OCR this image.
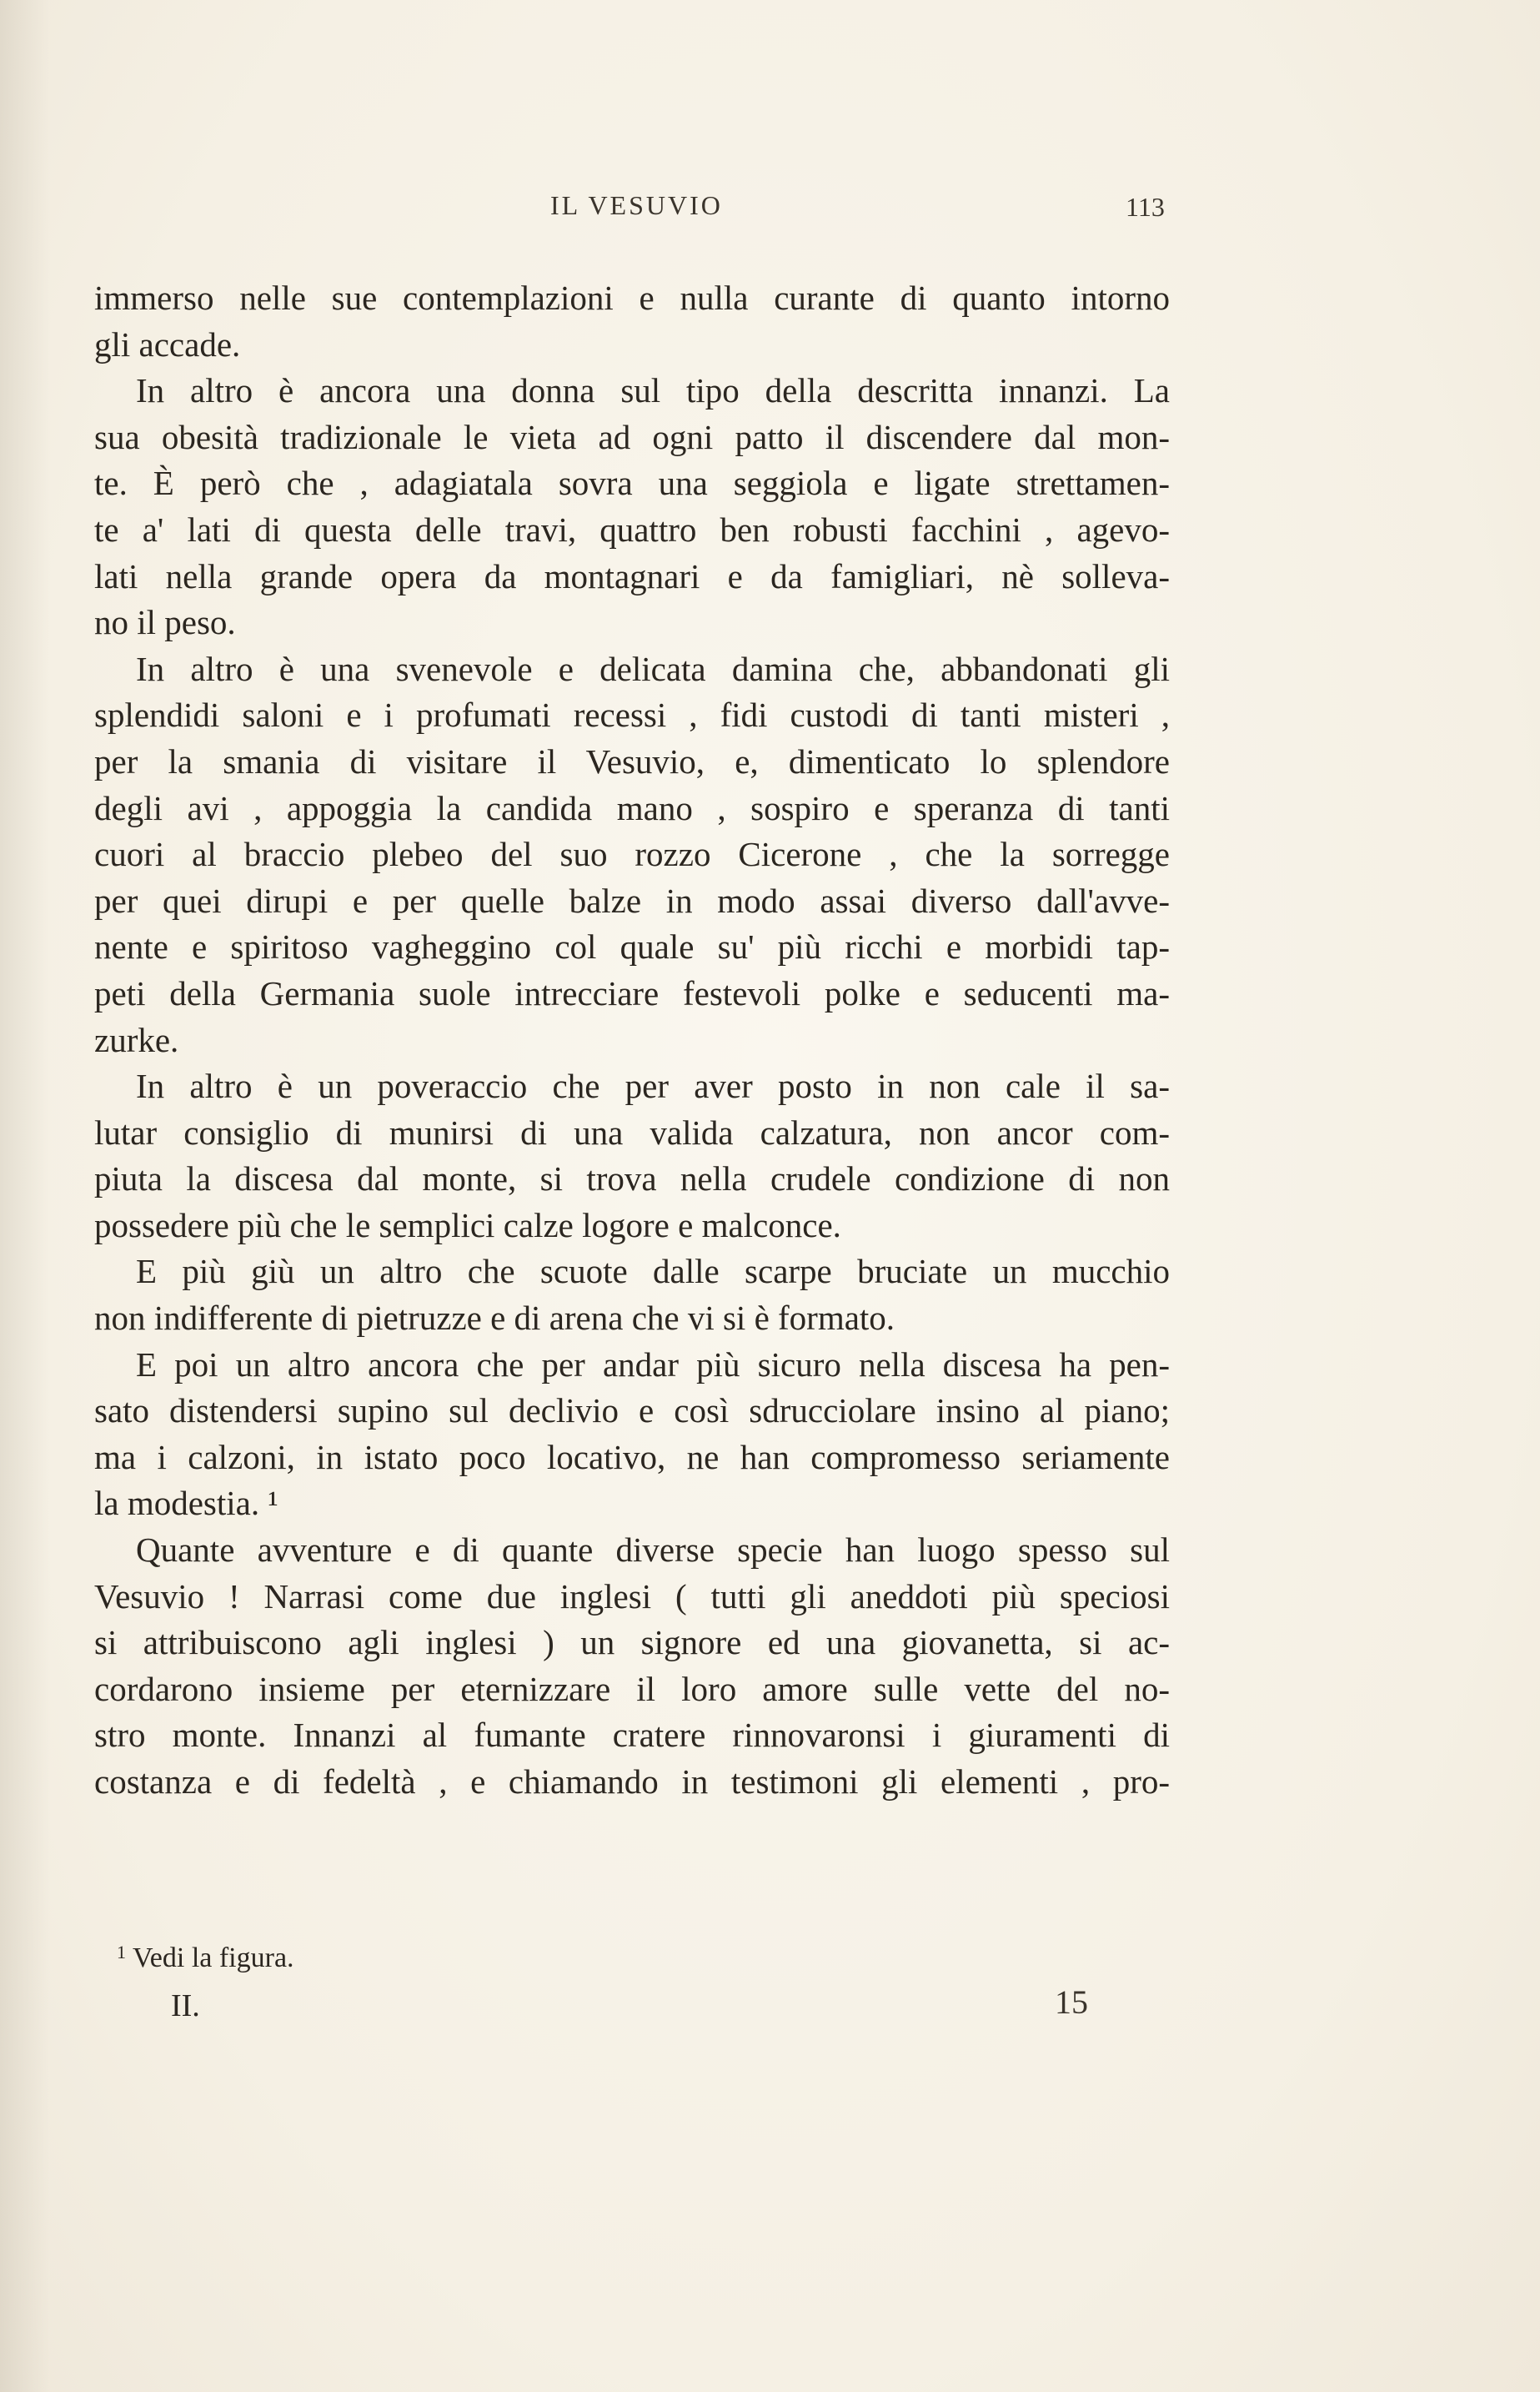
IL VESUVIO	113
immerso nelle sue contemplazioni e nulla curante di quanto intorno
gli accade.
In altro è ancora una donna sul tipo della descritta innanzi. La
sua obesità tradizionale le vieta ad ogni patto il discendere dal mon-
te. È però che , adagiatala sovra una seggiola e ligate strettamen-
te a' lati di questa delle travi, quattro ben robusti facchini , agevo-
lati nella grande opera da montagnari e da famigliari, nè solleva-
no il peso.
In altro è una svenevole e delicata damina che, abbandonati gli
splendidi saloni e i profumati recessi , fidi custodi di tanti misteri ,
per la smania di visitare il Vesuvio, e, dimenticato lo splendore
degli avi , appoggia la candida mano , sospiro e speranza di tanti
cuori al braccio plebeo del suo rozzo Cicerone , che la sorregge
per quei dirupi e per quelle balze in modo assai diverso dall'avve-
nente e spiritoso vagheggino col quale su' più ricchi e morbidi tap-
peti della Germania suole intrecciare festevoli polke e seducenti ma-
zurke.
In altro è un poveraccio che per aver posto in non cale il sa-
lutar consiglio di munirsi di una valida calzatura, non ancor com-
piuta la discesa dal monte, si trova nella crudele condizione di non
possedere più che le semplici calze logore e malconce.
E più giù un altro che scuote dalle scarpe bruciate un mucchio
non indifferente di pietruzze e di arena che vi si è formato.
E poi un altro ancora che per andar più sicuro nella discesa ha pen-
sato distendersi supino sul declivio e così sdrucciolare insino al piano;
ma i calzoni, in istato poco locativo, ne han compromesso seriamente
la modestia. ¹
Quante avventure e di quante diverse specie han luogo spesso sul
Vesuvio ! Narrasi come due inglesi ( tutti gli aneddoti più speciosi
si attribuiscono agli inglesi ) un signore ed una giovanetta, si ac-
cordarono insieme per eternizzare il loro amore sulle vette del no-
stro monte. Innanzi al fumante cratere rinnovaronsi i giuramenti di
costanza e di fedeltà , e chiamando in testimoni gli elementi , pro-
$^1$ Vedi la figura.
II.	15
